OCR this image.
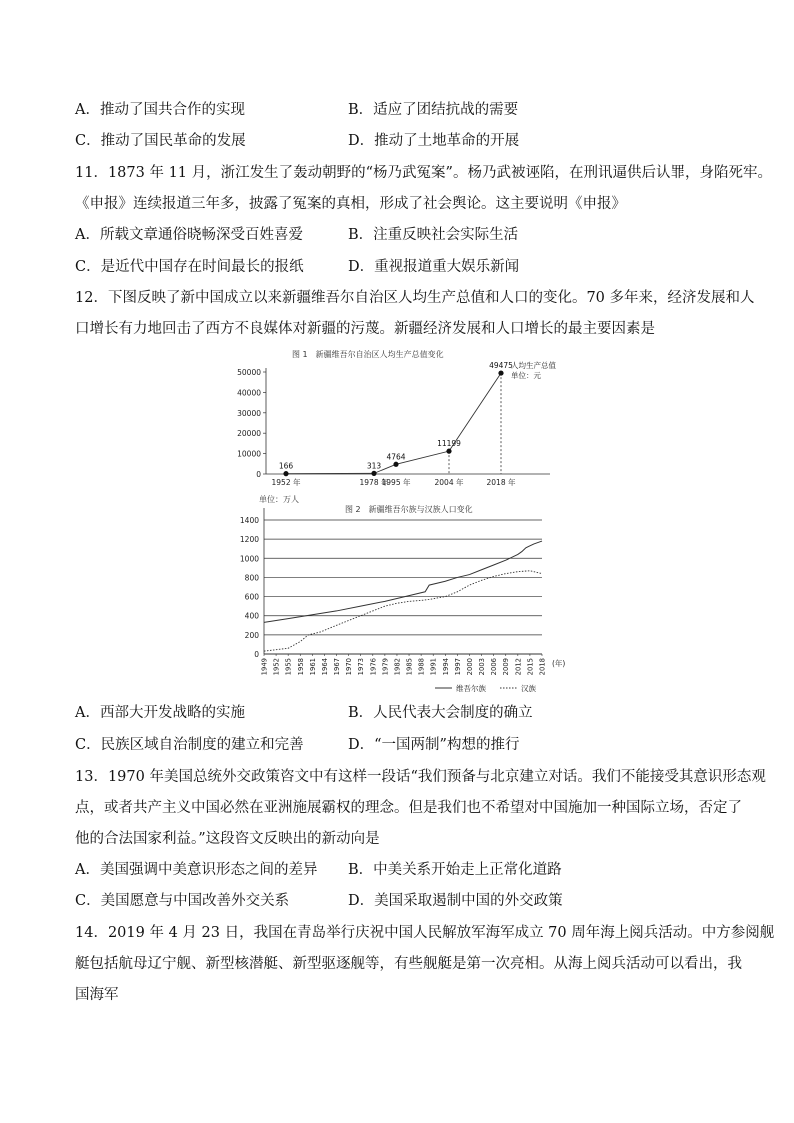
A．推动了国共合作的实现	B．适应了团结抗战的需要
C．推动了国民革命的发展	D．推动了土地革命的开展
11．1873 年 11 月，浙江发生了轰动朝野的“杨乃武冤案”。杨乃武被诬陷，在刑讯逼供后认罪，身陷死牢。
《申报》连续报道三年多，披露了冤案的真相，形成了社会舆论。这主要说明《申报》
A．所载文章通俗晓畅深受百姓喜爱	B．注重反映社会实际生活
C．是近代中国存在时间最长的报纸	D．重视报道重大娱乐新闻
12．下图反映了新中国成立以来新疆维吾尔自治区人均生产总值和人口的变化。70 多年来，经济发展和人
口增长有力地回击了西方不良媒体对新疆的污蔑。新疆经济发展和人口增长的最主要因素是
图 1　新疆维吾尔自治区人均生产总值变化
0
10000
20000
30000
40000
50000
1952 年	1978 年
1995 年	2004 年	2018 年
166	313
4764
11199
49475
人均生产总值
单位：元
单位：万人
图 2　新疆维吾尔族与汉族人口变化
0
200
400
600
800
1000
1200
1400
1949 1952 1955 1958 1961 1964 1967 1970 1973 1976 1979 1982 1985 1988 1991 1994 1997 2000 2003 2006 2009 2012 2015 2018 (年)
维吾尔族	汉族
A．西部大开发战略的实施	B．人民代表大会制度的确立
C．民族区域自治制度的建立和完善	D．“一国两制”构想的推行
13．1970 年美国总统外交政策咨文中有这样一段话“我们预备与北京建立对话。我们不能接受其意识形态观
点，或者共产主义中国必然在亚洲施展霸权的理念。但是我们也不希望对中国施加一种国际立场，否定了
他的合法国家利益。”这段咨文反映出的新动向是
A．美国强调中美意识形态之间的差异 B．中美关系开始走上正常化道路
C．美国愿意与中国改善外交关系	D．美国采取遏制中国的外交政策
14．2019 年 4 月 23 日，我国在青岛举行庆祝中国人民解放军海军成立 70 周年海上阅兵活动。中方参阅舰
艇包括航母辽宁舰、新型核潜艇、新型驱逐舰等，有些舰艇是第一次亮相。从海上阅兵活动可以看出，我
国海军
